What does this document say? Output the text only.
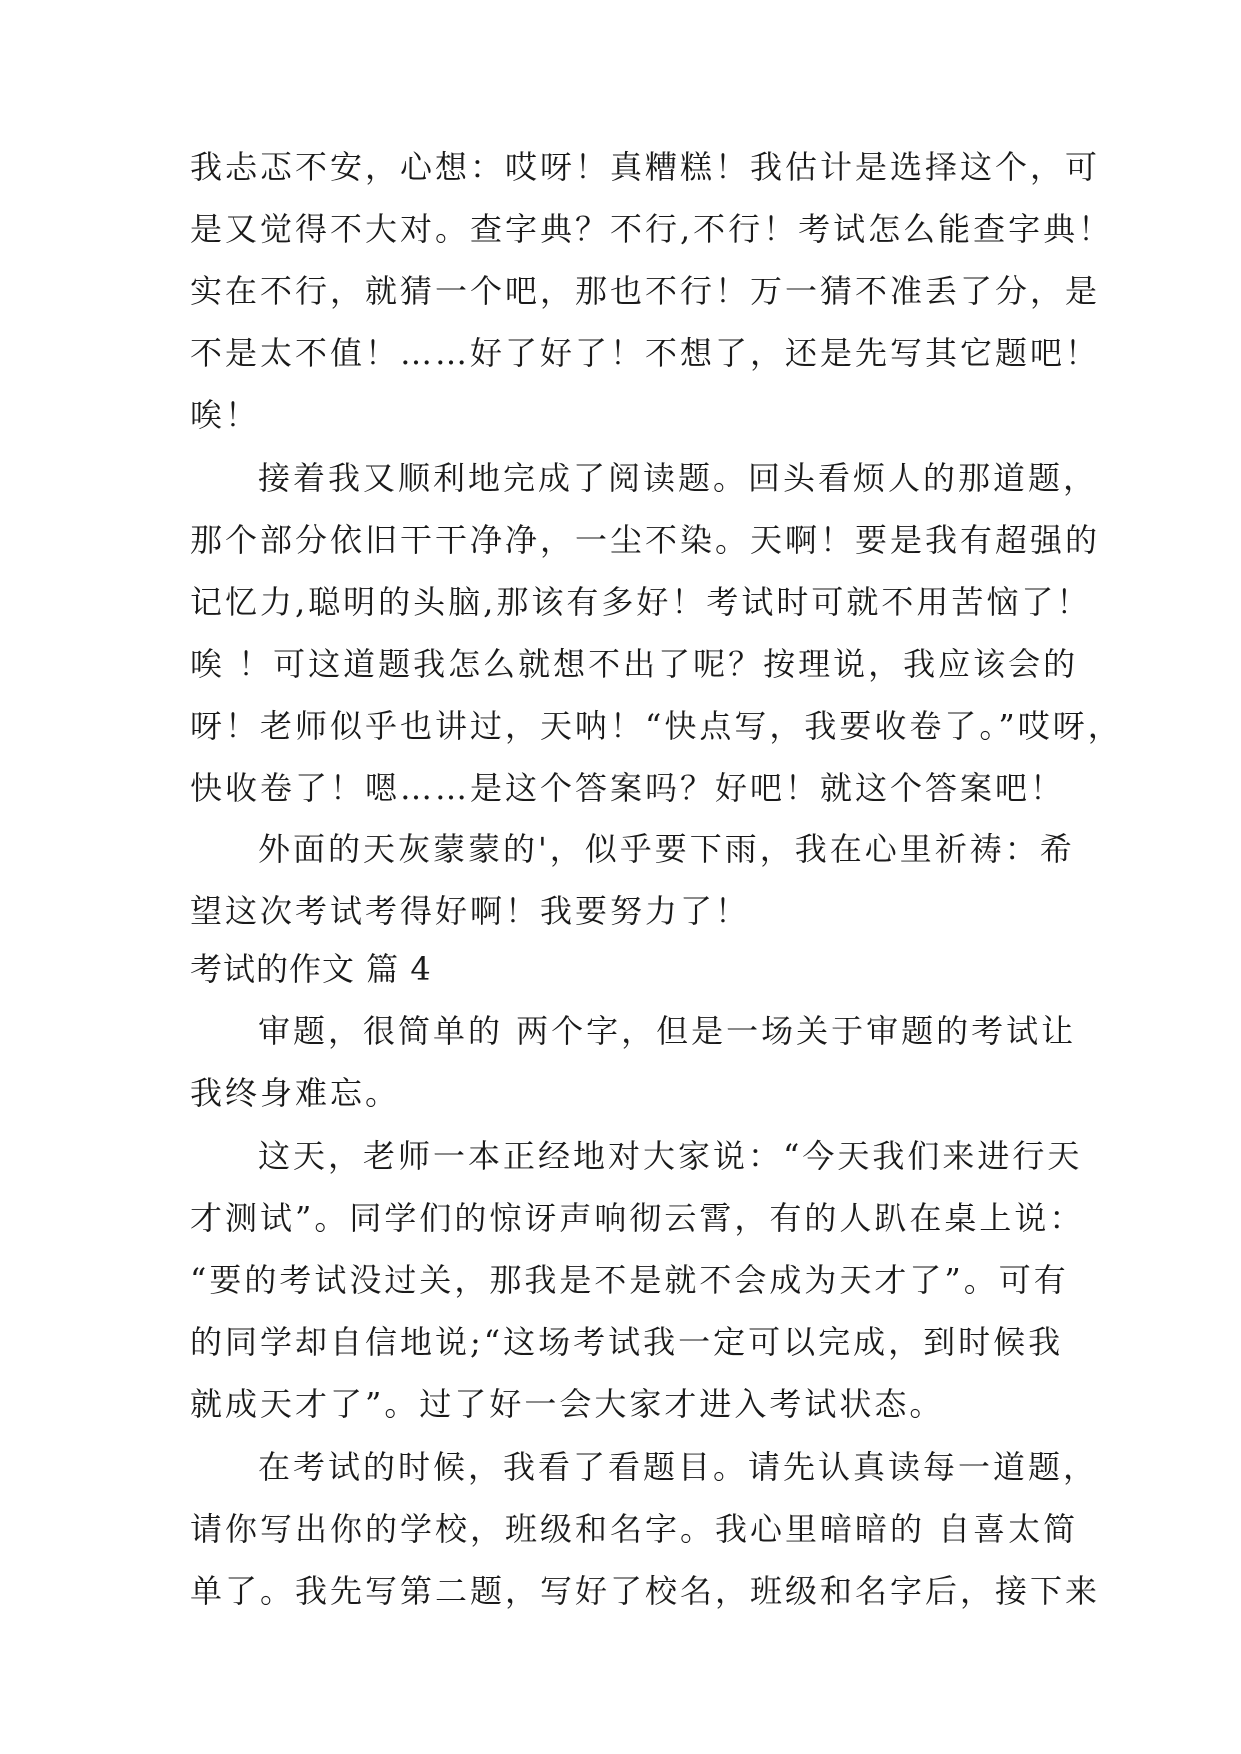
我忐忑不安，心想：哎呀！真糟糕！我估计是选择这个，可
是又觉得不大对。查字典？不行,不行！考试怎么能查字典！
实在不行，就猜一个吧，那也不行！万一猜不准丢了分，是
不是太不值！……好了好了！不想了，还是先写其它题吧！
唉！
接着我又顺利地完成了阅读题。回头看烦人的那道题，
那个部分依旧干干净净，一尘不染。天啊！要是我有超强的
记忆力,聪明的头脑,那该有多好！考试时可就不用苦恼了！
唉 ！可这道题我怎么就想不出了呢？按理说，我应该会的
呀！老师似乎也讲过，天呐！“快点写，我要收卷了。”哎呀，
快收卷了！嗯……是这个答案吗？好吧！就这个答案吧！
外面的天灰蒙蒙的'，似乎要下雨，我在心里祈祷：希
望这次考试考得好啊！我要努力了！
考试的作文 篇 4
审题，很简单的 两个字，但是一场关于审题的考试让
我终身难忘。
这天，老师一本正经地对大家说：“今天我们来进行天
才测试”。同学们的惊讶声响彻云霄，有的人趴在桌上说：
“要的考试没过关，那我是不是就不会成为天才了”。可有
的同学却自信地说;“这场考试我一定可以完成，到时候我
就成天才了”。过了好一会大家才进入考试状态。
在考试的时候，我看了看题目。请先认真读每一道题，
请你写出你的学校，班级和名字。我心里暗暗的 自喜太简
单了。我先写第二题，写好了校名，班级和名字后，接下来
